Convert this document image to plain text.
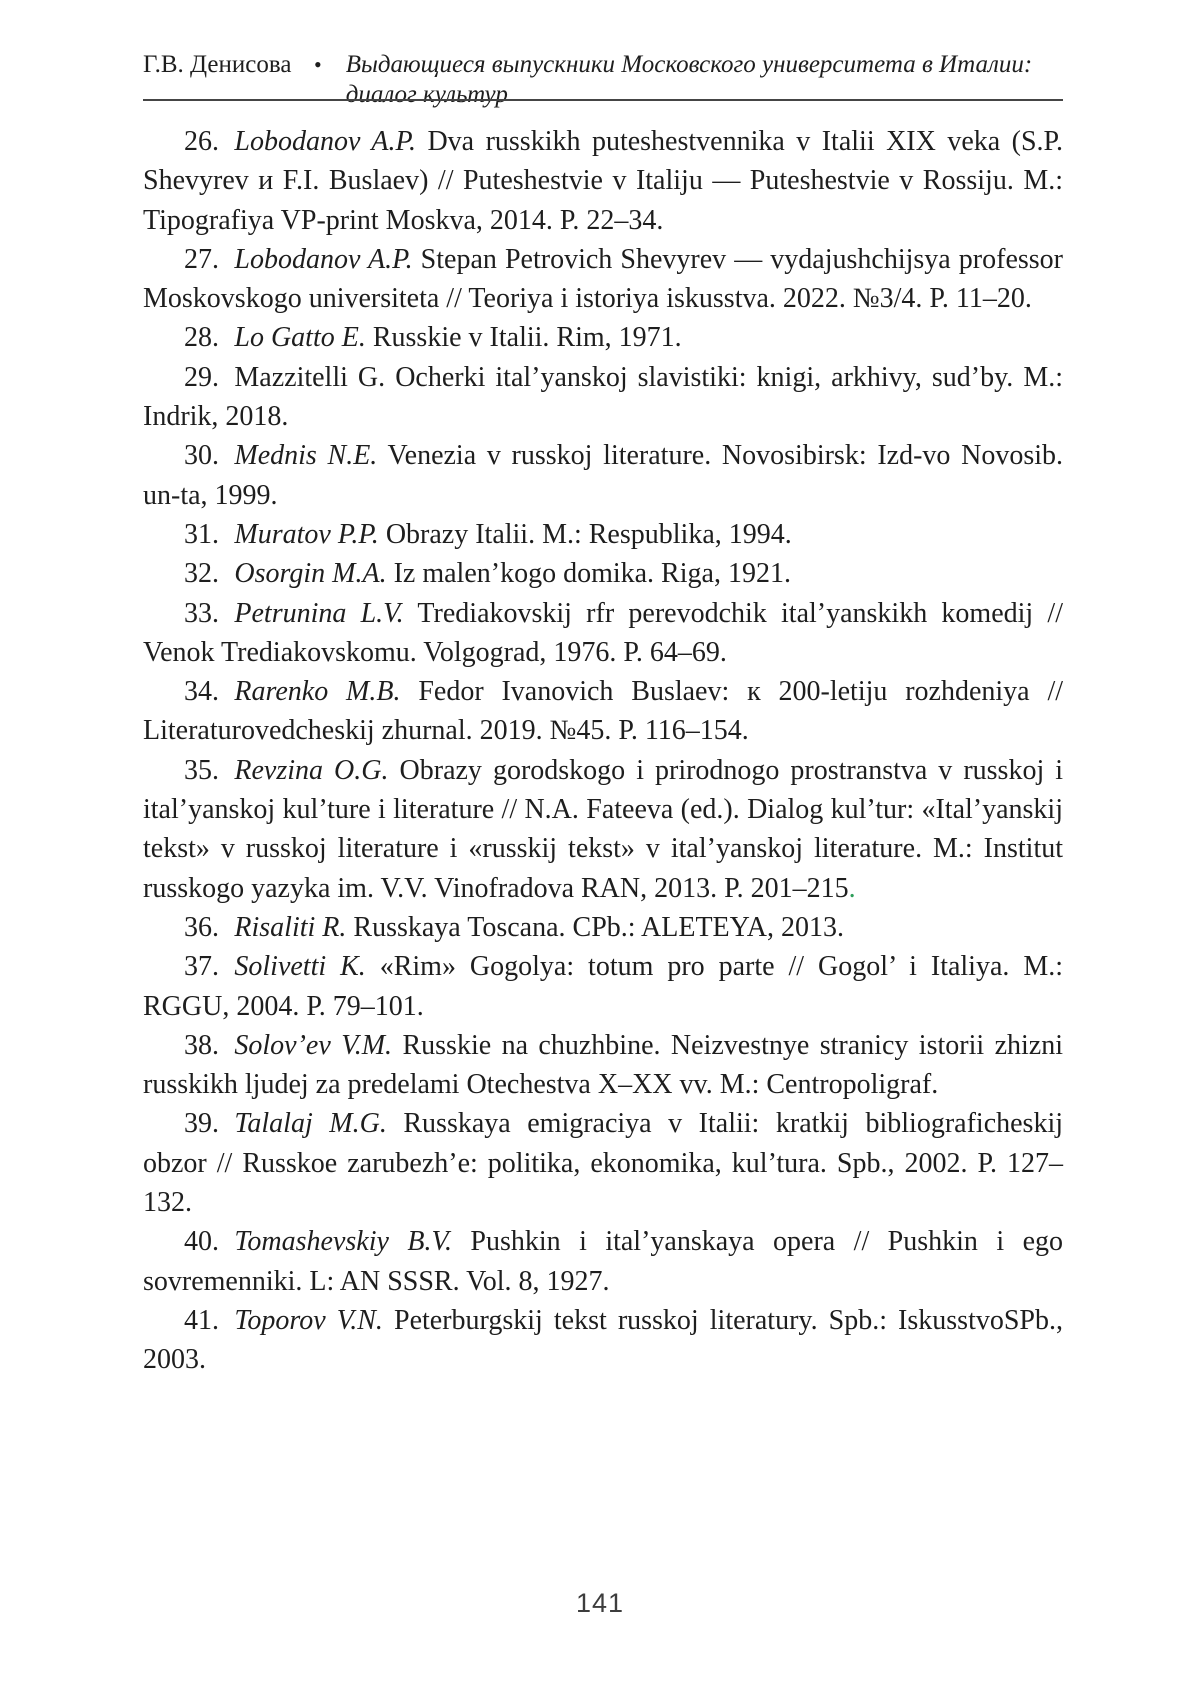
Г.В. Денисова	• Выдающиеся выпускники Московского университета в Италии:
диалог культур

26. Lobodanov A.P. Dva russkikh puteshestvennika v Italii XIX veka (S.P. Shevyrev и F.I. Buslaev) // Puteshestvie v Italiju — Puteshestvie v Rossiju. M.: Tipografiya VP-print Moskva, 2014. P. 22–34.

27. Lobodanov A.P. Stepan Petrovich Shevyrev — vydajushchijsya professor Moskovskogo universiteta // Teoriya i istoriya iskusstva. 2022. №3/4. P. 11–20.

28. Lo Gatto E. Russkie v Italii. Rim, 1971.

29. Mazzitelli G. Ocherki ital’yanskoj slavistiki: knigi, arkhivy, sud’by. M.: Indrik, 2018.

30. Mednis N.E. Venezia v russkoj literature. Novosibirsk: Izd-vo Novosib. un-ta, 1999.

31. Muratov P.P. Obrazy Italii. M.: Respublika, 1994.

32. Osorgin M.A. Iz malen’kogo domika. Riga, 1921.

33. Petrunina L.V. Trediakovskij rfr perevodchik ital’yanskikh komedij // Venok Trediakovskomu. Volgograd, 1976. P. 64–69.

34. Rarenko M.B. Fedor Ivanovich Buslaev: к 200-letiju rozhdeniya // Literaturovedcheskij zhurnal. 2019. №45. P. 116–154.

35. Revzina O.G. Obrazy gorodskogo i prirodnogo prostranstva v russkoj i ital’yanskoj kul’ture i literature // N.A. Fateeva (ed.). Dialog kul’tur: «Ital’yanskij tekst» v russkoj literature i «russkij tekst» v ital’yanskoj literature. M.: Institut russkogo yazyka im. V.V. Vinofradova RAN, 2013. P. 201–215.

36. Risaliti R. Russkaya Toscana. CPb.: ALETEYA, 2013.

37. Solivetti K. «Rim» Gogolya: totum pro parte // Gogol’ i Italiya. M.: RGGU, 2004. P. 79–101.

38. Solov’ev V.M. Russkie na chuzhbine. Neizvestnye stranicy istorii zhizni russkikh ljudej za predelami Otechestva X–XX vv. M.: Centropoligraf.

39. Talalaj M.G. Russkaya emigraciya v Italii: kratkij bibliograficheskij obzor // Russkoe zarubezh’e: politika, ekonomika, kul’tura. Spb., 2002. P. 127–132.

40. Tomashevskiy B.V. Pushkin i ital’yanskaya opera // Pushkin i ego sovremenniki. L: AN SSSR. Vol. 8, 1927.

41. Toporov V.N. Peterburgskij tekst russkoj literatury. Spb.: IskusstvoSPb., 2003.

141
